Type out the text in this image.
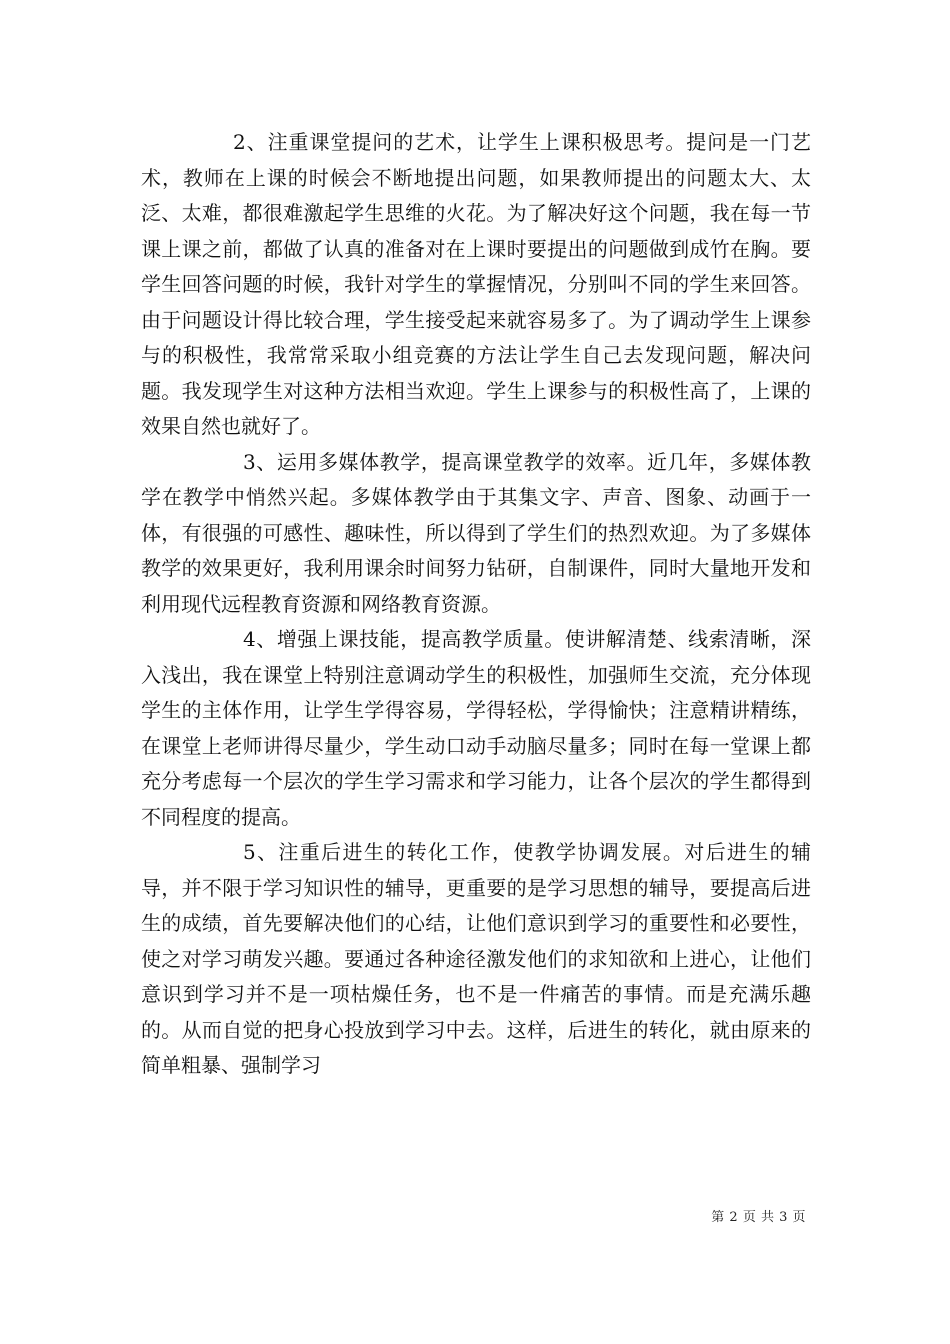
2、注重课堂提问的艺术，让学生上课积极思考。提问是一门艺术，教师在上课的时候会不断地提出问题，如果教师提出的问题太大、太泛、太难，都很难激起学生思维的火花。为了解决好这个问题，我在每一节课上课之前，都做了认真的准备对在上课时要提出的问题做到成竹在胸。要学生回答问题的时候，我针对学生的掌握情况，分别叫不同的学生来回答。由于问题设计得比较合理，学生接受起来就容易多了。为了调动学生上课参与的积极性，我常常采取小组竞赛的方法让学生自己去发现问题，解决问题。我发现学生对这种方法相当欢迎。学生上课参与的积极性高了，上课的效果自然也就好了。

3、运用多媒体教学，提高课堂教学的效率。近几年，多媒体教学在教学中悄然兴起。多媒体教学由于其集文字、声音、图象、动画于一体，有很强的可感性、趣味性，所以得到了学生们的热烈欢迎。为了多媒体教学的效果更好，我利用课余时间努力钻研，自制课件，同时大量地开发和利用现代远程教育资源和网络教育资源。

4、增强上课技能，提高教学质量。使讲解清楚、线索清晰，深入浅出，我在课堂上特别注意调动学生的积极性，加强师生交流，充分体现学生的主体作用，让学生学得容易，学得轻松，学得愉快；注意精讲精练，在课堂上老师讲得尽量少，学生动口动手动脑尽量多；同时在每一堂课上都充分考虑每一个层次的学生学习需求和学习能力，让各个层次的学生都得到不同程度的提高。

5、注重后进生的转化工作，使教学协调发展。对后进生的辅导，并不限于学习知识性的辅导，更重要的是学习思想的辅导，要提高后进生的成绩，首先要解决他们的心结，让他们意识到学习的重要性和必要性，使之对学习萌发兴趣。要通过各种途径激发他们的求知欲和上进心，让他们意识到学习并不是一项枯燥任务，也不是一件痛苦的事情。而是充满乐趣的。从而自觉的把身心投放到学习中去。这样，后进生的转化，就由原来的简单粗暴、强制学习

第 2 页 共 3 页
